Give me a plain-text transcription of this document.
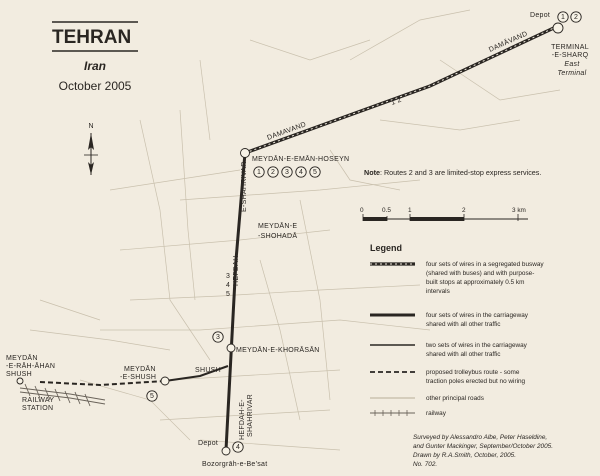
TEHRAN
Iran
October 2005
N
Depot
TERMINAL
-E-SHARQ
East
Terminal
DAMĀVAND
1 2
DAMAVAND
MEYDĀN-E-EMĀN-HOSEYN
E-SHAHRIVAR
HEFDAH-
3
4
5
MEYDĀN-E
-SHOHADĀ
MEYDĀN-E-KHORĀSĀN
HEFDAH-E- SHAHRIVAR
MEYDĀN
-E-SHUSH
SHUSH
MEYDĀN
-E-RĀH-ĀHAN
SHUSH
RAILWAY
STATION
Depot
Bozorgrāh-e-Be'sat
1 2
1 2 3 4 5
3
5
4
Note: Routes 2 and 3 are limited-stop express services.
0	0.5	1	2	3 km
Legend
four sets of wires in a segregated busway
(shared with buses) and with purpose-
built stops at approximately 0.5 km
intervals
four sets of wires in the carriageway
shared with all other traffic
two sets of wires in the carriageway
shared with all other traffic
proposed trolleybus route - some
traction poles erected but no wiring
other principal roads
railway
Surveyed by Alessandro Albe, Peter Haseldine,
and Gunter Mackinger, September/October 2005.
Drawn by R.A.Smith, October, 2005.
No. 702.
